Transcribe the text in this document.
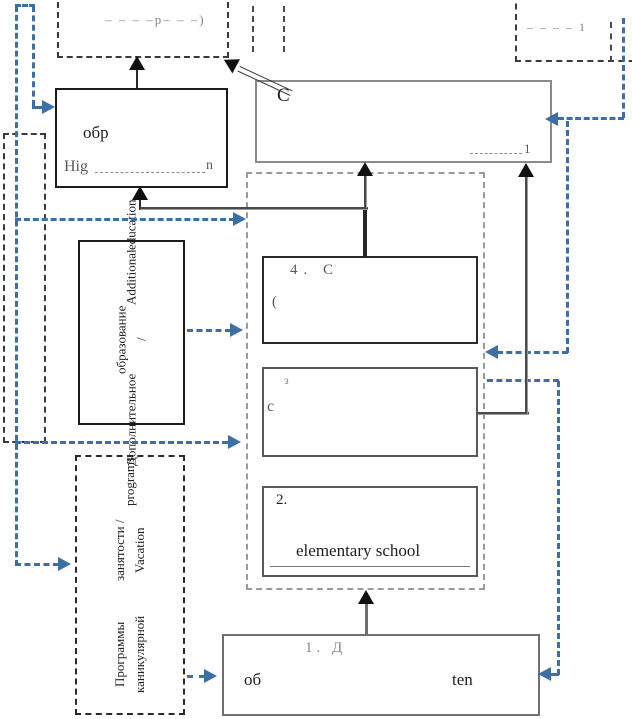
– – – –р– – –)	– – – – 1
обр
Hig	n
С
1
4. С
(
з
с
2.
elementary school
1. Д
об	ten
Дополнительное
образование /
Additional
education
Программы каникулярной
занятости / Vacation
programs
